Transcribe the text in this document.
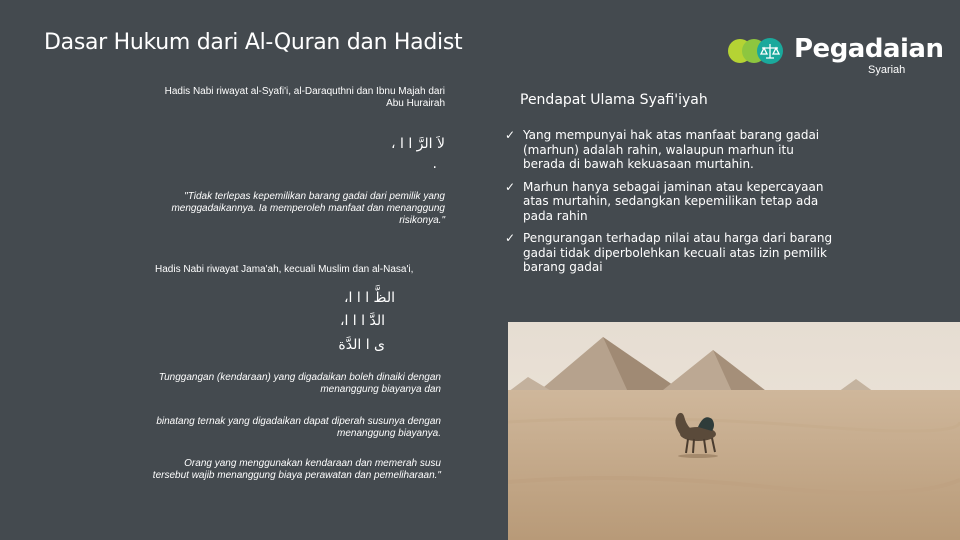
Dasar Hukum dari Al-Quran dan Hadist	Pegadaian
Syariah
Hadis Nabi riwayat al-Syafi'i, al-Daraquthni dan Ibnu Majah dari Abu Hurairah
لاَ الرَّ ا ا ،
.
"Tidak terlepas kepemilikan barang gadai dari pemilik yang menggadaikannya. Ia memperoleh manfaat dan menanggung risikonya."
Hadis Nabi riwayat Jama'ah, kecuali Muslim dan al-Nasa'i,
الظَّ ا ا ا،
الدَّ ا ا ا،
ى ا الدَّة
Tunggangan (kendaraan) yang digadaikan boleh dinaiki dengan menanggung biayanya dan
binatang ternak yang digadaikan dapat diperah susunya dengan menanggung biayanya.
Orang yang menggunakan kendaraan dan memerah susu tersebut wajib menanggung biaya perawatan dan pemeliharaan."
Pendapat Ulama Syafi'iyah
✓ Yang mempunyai hak atas manfaat barang gadai (marhun) adalah rahin, walaupun marhun itu berada di bawah kekuasaan murtahin.
✓ Marhun hanya sebagai jaminan atau kepercayaan atas murtahin, sedangkan kepemilikan tetap ada pada rahin
✓ Pengurangan terhadap nilai atau harga dari barang gadai tidak diperbolehkan kecuali atas izin pemilik barang gadai
